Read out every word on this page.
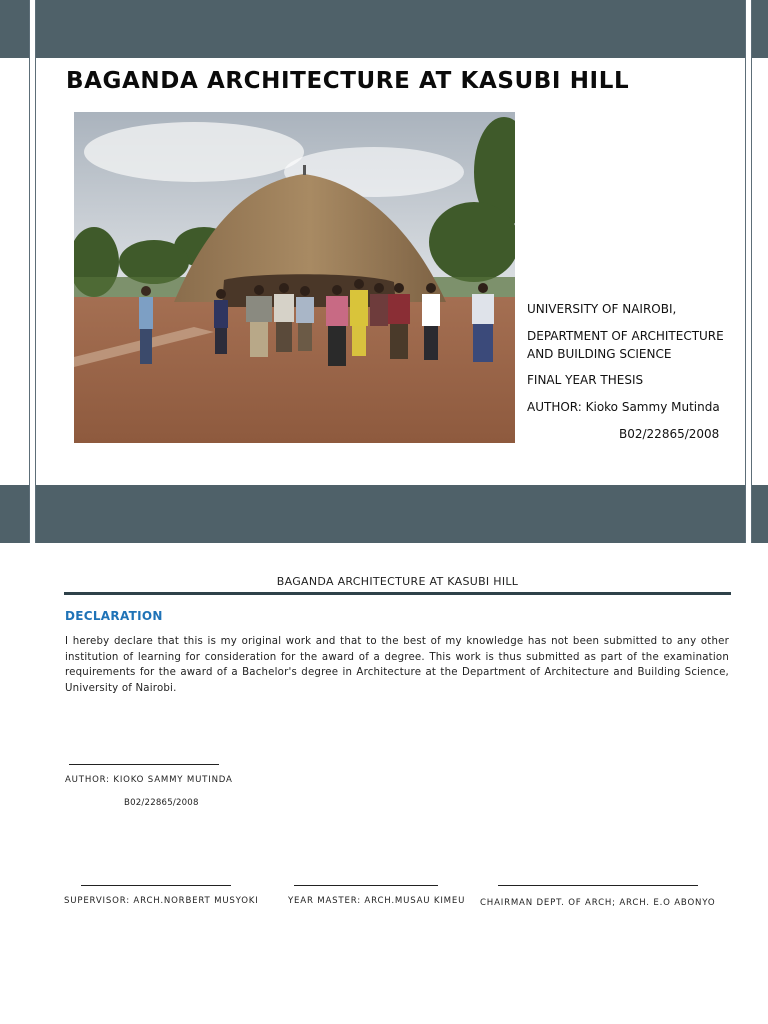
BAGANDA ARCHITECTURE AT KASUBI HILL
UNIVERSITY OF NAIROBI,
DEPARTMENT OF ARCHITECTURE AND BUILDING SCIENCE
FINAL YEAR THESIS
AUTHOR: Kioko Sammy Mutinda
B02/22865/2008
BAGANDA ARCHITECTURE AT KASUBI HILL
DECLARATION
I hereby declare that this is my original work and that to the best of my knowledge has not been submitted to any other institution of learning for consideration for the award of a degree. This work is thus submitted as part of the examination requirements for the award of a Bachelor's degree in Architecture at the Department of Architecture and Building Science, University of Nairobi.
AUTHOR: KIOKO SAMMY MUTINDA
B02/22865/2008
SUPERVISOR: ARCH.NORBERT MUSYOKI	YEAR MASTER: ARCH.MUSAU KIMEU CHAIRMAN DEPT. OF ARCH; ARCH. E.O ABONYO
